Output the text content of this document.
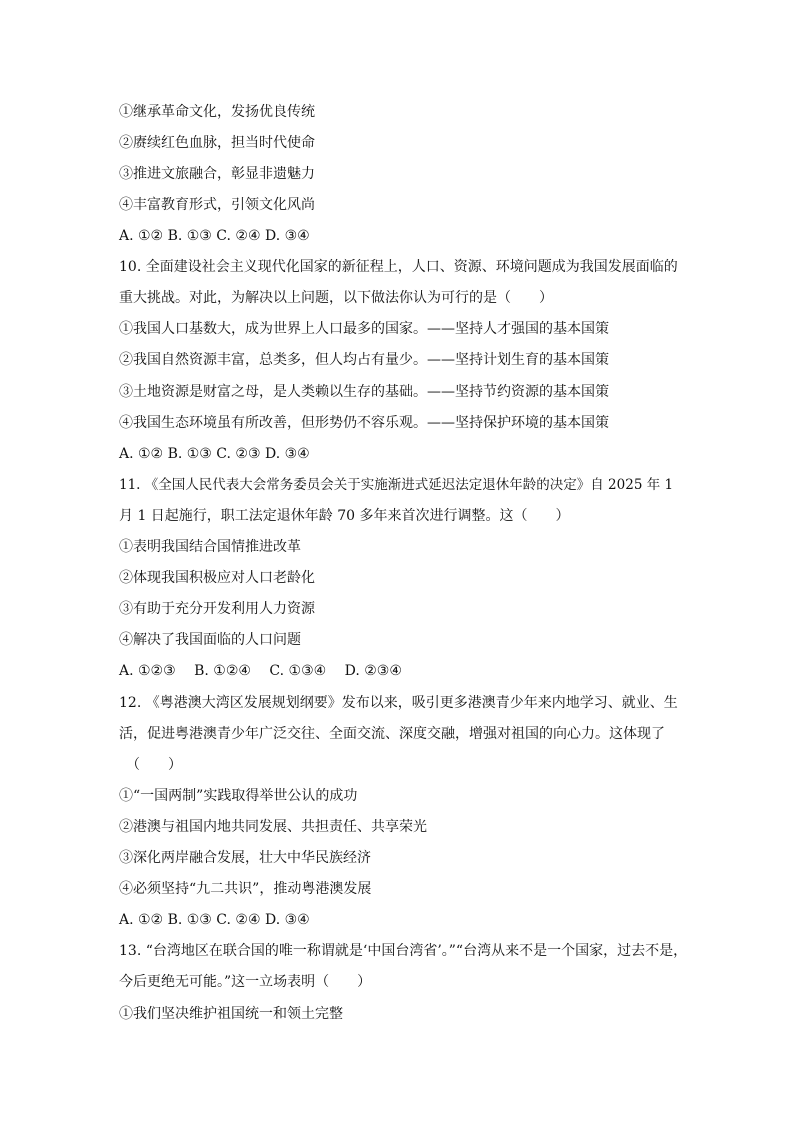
①继承革命文化，发扬优良传统
②赓续红色血脉，担当时代使命
③推进文旅融合，彰显非遗魅力
④丰富教育形式，引领文化风尚
A. ①② B. ①③ C. ②④ D. ③④
10. 全面建设社会主义现代化国家的新征程上，人口、资源、环境问题成为我国发展面临的
重大挑战。对此，为解决以上问题，以下做法你认为可行的是（　　）
①我国人口基数大，成为世界上人口最多的国家。——坚持人才强国的基本国策
②我国自然资源丰富，总类多，但人均占有量少。——坚持计划生育的基本国策
③土地资源是财富之母，是人类赖以生存的基础。——坚持节约资源的基本国策
④我国生态环境虽有所改善，但形势仍不容乐观。——坚持保护环境的基本国策
A. ①② B. ①③ C. ②③ D. ③④
11. 《全国人民代表大会常务委员会关于实施渐进式延迟法定退休年龄的决定》自 2025 年 1
月 1 日起施行，职工法定退休年龄 70 多年来首次进行调整。这（　　）
①表明我国结合国情推进改革
②体现我国积极应对人口老龄化
③有助于充分开发利用人力资源
④解决了我国面临的人口问题
A. ①②③　 B. ①②④　 C. ①③④　 D. ②③④
12. 《粤港澳大湾区发展规划纲要》发布以来，吸引更多港澳青少年来内地学习、就业、生
活，促进粤港澳青少年广泛交往、全面交流、深度交融，增强对祖国的向心力。这体现了
（　　）
①“一国两制”实践取得举世公认的成功
②港澳与祖国内地共同发展、共担责任、共享荣光
③深化两岸融合发展，壮大中华民族经济
④必须坚持“九二共识”，推动粤港澳发展
A. ①② B. ①③ C. ②④ D. ③④
13. “台湾地区在联合国的唯一称谓就是‘中国台湾省’。”“台湾从来不是一个国家，过去不是，
今后更绝无可能。”这一立场表明（　　）
①我们坚决维护祖国统一和领土完整
